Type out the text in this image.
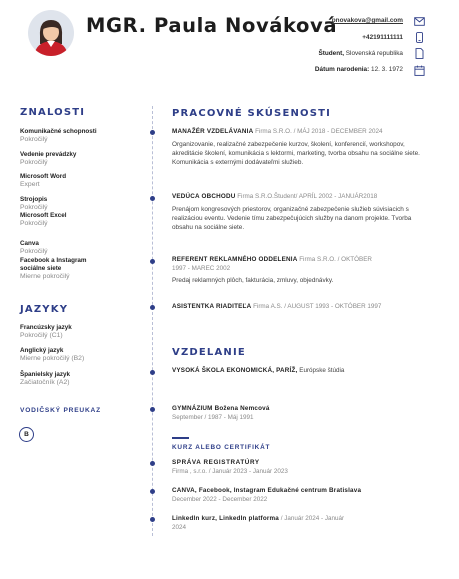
MGR. Paula Nováková
pnovakova@gmail.com
+42191111111
Študent, Slovenská republika
Dátum narodenia: 12. 3. 1972
ZNALOSTI
Komunikačné schopnosti
Pokročilý
Vedenie prevádzky
Pokročilý
Microsoft Word
Expert
Strojopis
Pokročilý
Microsoft Excel
Pokročilý
Canva
Pokročilý
Facebook a Instagram sociálne siete
Mierne pokročilý
JAZYKY
Francúzsky jazyk
Pokročilý (C1)
Anglický jazyk
Mierne pokročilý (B2)
Španielsky jazyk
Začiatočník (A2)
VODIČSKÝ PREUKAZ
B
PRACOVNÉ SKÚSENOSTI
MANAŽÉR VZDELÁVANIA Firma S.R.O. / MÁJ 2018 - DECEMBER 2024
Organizovanie, realizačné zabezpečenie kurzov, školení, konferencií, workshopov, akreditácie školení, komunikácia s lektormi, marketing, tvorba obsahu na sociálne siete. Komunikácia s externými dodávateľmi služieb.
VEDÚCA OBCHODU Firma S.R.O.Študent/ APRÍL 2002 - JANUÁR2018
Prenájom kongresových priestorov, organizačné zabezpečenie služieb súvisiacich s realizáciou eventu. Vedenie tímu zabezpečujúcich služby na danom projekte. Tvorba obsahu na sociálne siete.
REFERENT REKLAMNÉHO ODDELENIA Firma S.R.O. / OKTÓBER 1997 - MAREC 2002
Predaj reklamných plôch, fakturácia, zmluvy, objednávky.
ASISTENTKA RIADITEĽA Firma A.S. / AUGUST 1993 - OKTÓBER 1997
VZDELANIE
VYSOKÁ ŠKOLA EKONOMICKÁ, PARÍŽ, Európske štúdia
GYMNÁZIUM Božena Nemcová
September / 1987 - Máj 1991
KURZ ALEBO CERTIFIKÁT
SPRÁVA REGISTRATÚRY
Firma , s.r.o. / Január 2023 - Január 2023
CANVA, Facebook, Instagram Edukačné centrum Bratislava
December 2022 - December 2022
LinkedIn kurz, LinkedIn platforma / Január 2024 - Január 2024
